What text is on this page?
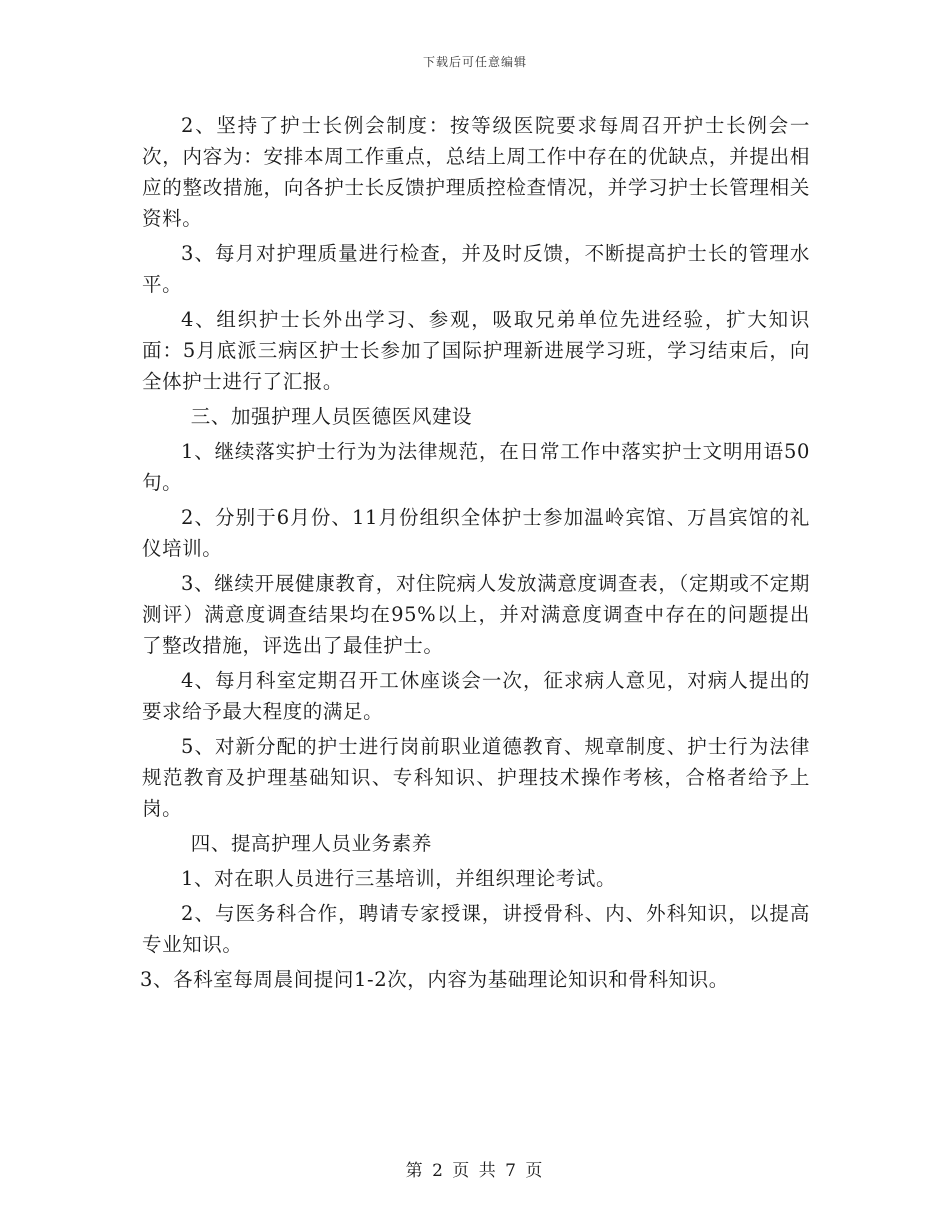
下载后可任意编辑

2、坚持了护士长例会制度：按等级医院要求每周召开护士长例会一次，内容为：安排本周工作重点，总结上周工作中存在的优缺点，并提出相应的整改措施，向各护士长反馈护理质控检查情况，并学习护士长管理相关资料。

3、每月对护理质量进行检查，并及时反馈，不断提高护士长的管理水平。

4、组织护士长外出学习、参观，吸取兄弟单位先进经验，扩大知识面：5月底派三病区护士长参加了国际护理新进展学习班，学习结束后，向全体护士进行了汇报。

三、加强护理人员医德医风建设

1、继续落实护士行为为法律规范，在日常工作中落实护士文明用语50句。

2、分别于6月份、11月份组织全体护士参加温岭宾馆、万昌宾馆的礼仪培训。

3、继续开展健康教育，对住院病人发放满意度调查表，（定期或不定期测评）满意度调查结果均在95%以上，并对满意度调查中存在的问题提出了整改措施，评选出了最佳护士。

4、每月科室定期召开工休座谈会一次，征求病人意见，对病人提出的要求给予最大程度的满足。

5、对新分配的护士进行岗前职业道德教育、规章制度、护士行为法律规范教育及护理基础知识、专科知识、护理技术操作考核，合格者给予上岗。

四、提高护理人员业务素养

1、对在职人员进行三基培训，并组织理论考试。

2、与医务科合作，聘请专家授课，讲授骨科、内、外科知识，以提高专业知识。

3、各科室每周晨间提问1-2次，内容为基础理论知识和骨科知识。

第 2 页 共 7 页
